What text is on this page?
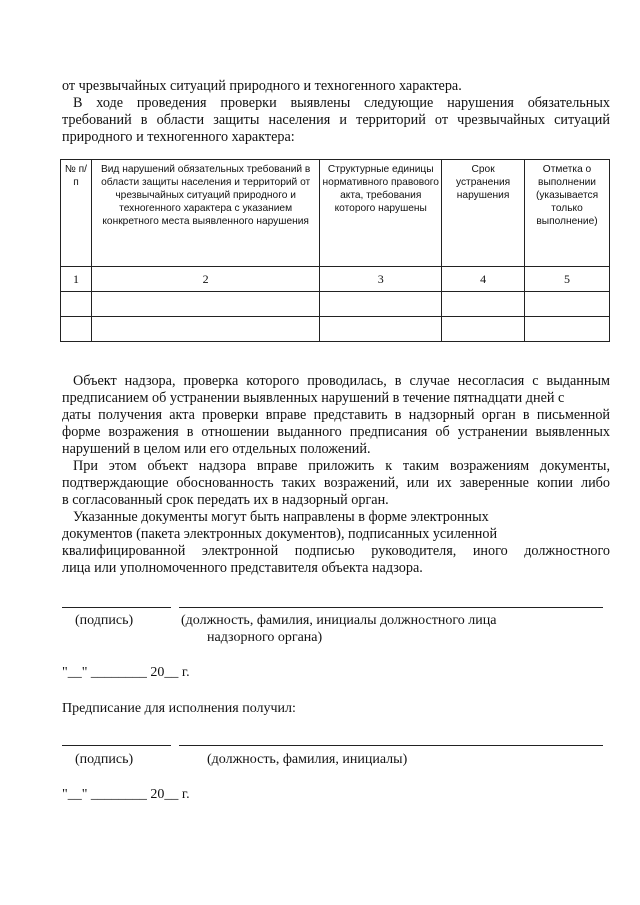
от чрезвычайных ситуаций природного и техногенного характера.
В ходе проведения проверки выявлены следующие нарушения обязательных
требований в области защиты населения и территорий от чрезвычайных ситуаций
природного и техногенного характера:
№ п/п	Вид нарушений обязательных требований в области защиты населения и территорий от чрезвычайных ситуаций природного и техногенного характера с указанием конкретного места выявленного нарушения	Структурные единицы нормативного правового акта, требования которого нарушены	Срок устранения нарушения	Отметка о выполнении (указывается только выполнение)
1	2	3	4	5

Объект надзора, проверка которого проводилась, в случае несогласия с выданным
предписанием об устранении выявленных нарушений в течение пятнадцати дней с
даты получения акта проверки вправе представить в надзорный орган в письменной
форме возражения в отношении выданного предписания об устранении выявленных
нарушений в целом или его отдельных положений.
При этом объект надзора вправе приложить к таким возражениям документы,
подтверждающие обоснованность таких возражений, или их заверенные копии либо
в согласованный срок передать их в надзорный орган.
Указанные документы могут быть направлены в форме электронных
документов (пакета электронных документов), подписанных усиленной
квалифицированной электронной подписью руководителя, иного должностного
лица или уполномоченного представителя объекта надзора.
(подпись)	(должность, фамилия, инициалы должностного лица
надзорного органа)
"__" ________ 20__ г.
Предписание для исполнения получил:
(подпись)	(должность, фамилия, инициалы)
"__" ________ 20__ г.
